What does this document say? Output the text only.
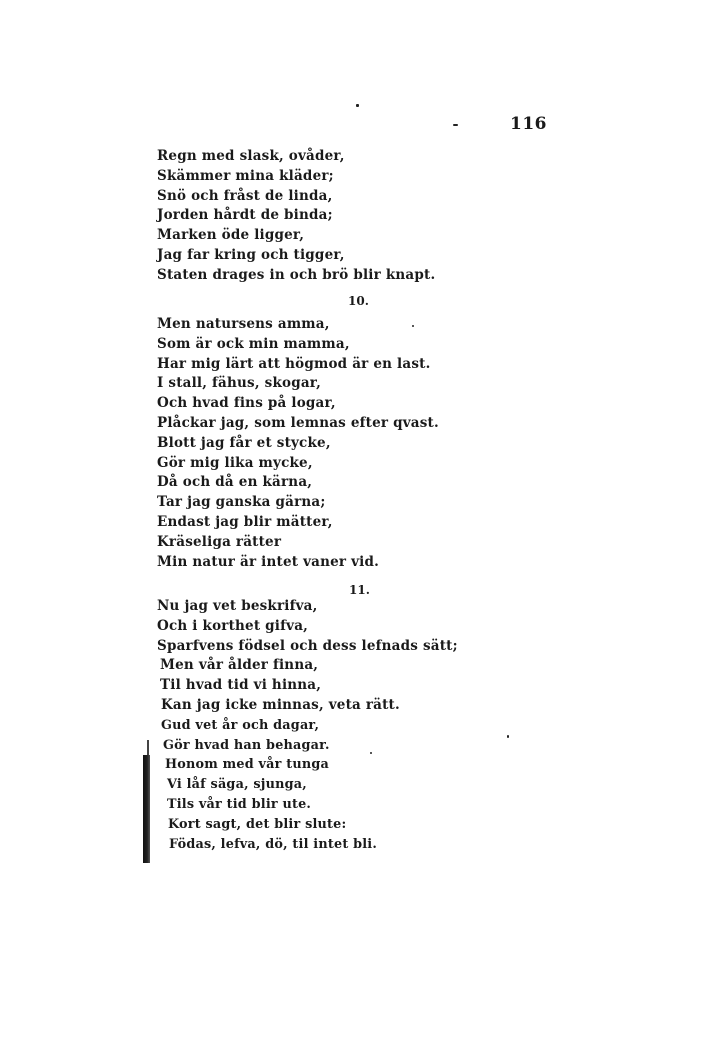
116
Regn med slask, ovåder,
Skämmer mina kläder;
Snö och fråst de linda,
Jorden hårdt de binda;
Marken öde ligger,
Jag far kring och tigger,
Staten drages in och brö blir knapt.
10.
Men natursens amma,
Som är ock min mamma,
Har mig lärt att högmod är en last.
I stall, fähus, skogar,
Och hvad fins på logar,
Plåckar jag, som lemnas efter qvast.
Blott jag får et stycke,
Gör mig lika mycke,
Då och då en kärna,
Tar jag ganska gärna;
Endast jag blir mätter,
Kräseliga rätter
Min natur är intet vaner vid.
11.
Nu jag vet beskrifva,
Och i korthet gifva,
Sparfvens födsel och dess lefnads sätt;
Men vår ålder finna,
Til hvad tid vi hinna,
Kan jag icke minnas, veta rätt.
Gud vet år och dagar,
Gör hvad han behagar.
Honom med vår tunga
Vi låf säga, sjunga,
Tils vår tid blir ute.
Kort sagt, det blir slute:
Födas, lefva, dö, til intet bli.
